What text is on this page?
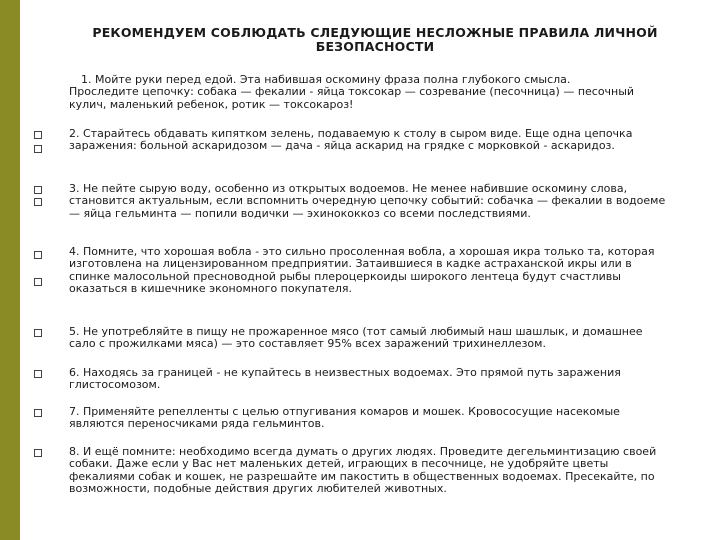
РЕКОМЕНДУЕМ СОБЛЮДАТЬ СЛЕДУЮЩИЕ НЕСЛОЖНЫЕ ПРАВИЛА ЛИЧНОЙ БЕЗОПАСНОСТИ
1. Мойте руки перед едой. Эта набившая оскомину фраза полна глубокого смысла.
Проследите цепочку: собака — фекалии - яйца токсокар — созревание (песочница) — песочный кулич, маленький ребенок, ротик — токсокароз!

2. Старайтесь обдавать кипятком зелень, подаваемую к столу в сыром виде. Еще одна цепочка заражения: больной аскаридозом — дача - яйца аскарид на грядке с морковкой - аскаридоз.

3. Не пейте сырую воду, особенно из открытых водоемов. Не менее набившие оскомину слова, становится актуальным, если вспомнить очередную цепочку событий: собачка — фекалии в водоеме — яйца гельминта — попили водички — эхинококкоз со всеми последствиями.

4. Помните, что хорошая вобла - это сильно просоленная вобла, а хорошая икра только та, которая изготовлена на лицензированном предприятии. Затаившиеся в кадке астраханской икры или в спинке малосольной пресноводной рыбы плероцеркоиды широкого лентеца будут счастливы оказаться в кишечнике экономного покупателя.

5. Не употребляйте в пищу не прожаренное мясо (тот самый любимый наш шашлык, и домашнее сало с прожилками мяса) — это составляет 95% всех заражений трихинеллезом.

6. Находясь за границей - не купайтесь в неизвестных водоемах. Это прямой путь заражения глистосомозом.

7. Применяйте репелленты с целью отпугивания комаров и мошек. Кровососущие насекомые являются переносчиками ряда гельминтов.

8. И ещё помните: необходимо всегда думать о других людях. Проведите дегельминтизацию своей собаки. Даже если у Вас нет маленьких детей, играющих в песочнице, не удобряйте цветы фекалиями собак и кошек, не разрешайте им пакостить в общественных водоемах. Пресекайте, по возможности, подобные действия других любителей животных.
